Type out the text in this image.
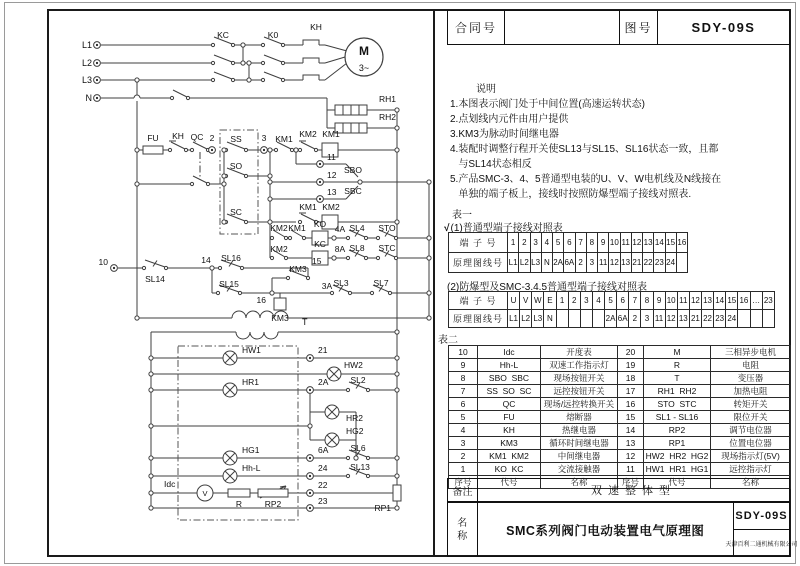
L1
L2
L3
N
KC	K0
KH
M
3~
RH1
RH2
FU KH QC 2 SS 3 KM1 KM2 KM1
SO
SC	KM1 KM2
KM2 KM1 KO 4A SL4 STO
KM2	KC 8A SL8 STC
10
SL14
14 SL16	15
KM3
SL15
16
KM3
3A SL3	SL7
SBO
SBC
11
12
13
T
HW1
HW2
HR1	2A	SL2
HR2
HG2
HG1	6A	SL6
Hh-L	24	SL13
Idc
R	RP2
22
RP1
23
21
V
合同号	图号	SDY-09S
说明
1.本图表示阀门处于中间位置(高速运转状态)
2.点划线内元件由用户提供
3.KM3为脉动时间继电器
4.装配时调整行程开关使SL13与SL15、SL16状态一致，且都
与SL14状态相反
5.产品SMC-3、4、5普通型电装的U、V、W电机线及N线接在
单独的端子板上，接线时按照防爆型端子接线对照表.
表一
√(1)普通型端子接线对照表
端 子 号	1	2	3	4	5	6	7	8	9	10	11	12	13	14	15	16
原理图线号	L1	L2	L3	N	2A	6A	2	3	11	12	13	21	22	23	24	
(2)防爆型及SMC-3.4.5普通型端子接线对照表
端 子 号	U	V	W	E	1	2	3	4	5	6	7	8	9	10	11	12	13	14	15	16	…	23
原理图线号	L1	L2	L3	N					2A	6A	2	3	11	12	13	21	22	23	24			
表二
10	Idc	开度表	20	M	三相异步电机
9	Hh-L	双速工作指示灯	19	R	电阻
8	SBO  SBC	现场按钮开关	18	T	变压器
7	SS  SO  SC	远控按钮开关	17	RH1  RH2	加热电阻
6	QC	现场/远控转换开关	16	STO  STC	转矩开关
5	FU	熔断器	15	SL1 - SL16	限位开关
4	KH	热继电器	14	RP2	调节电位器
3	KM3	循环时间继电器	13	RP1	位置电位器
2	KM1  KM2	中间继电器	12	HW2  HR2  HG2	现场指示灯(5V)
1	KO  KC	交流接触器	11	HW1  HR1  HG1	远控指示灯
序号	代号	名称	序号	代号	名称
备注	双速整体型
名称	SMC系列阀门电动装置电气原理图
SDY-09S
天津百利二通机械有限公司
